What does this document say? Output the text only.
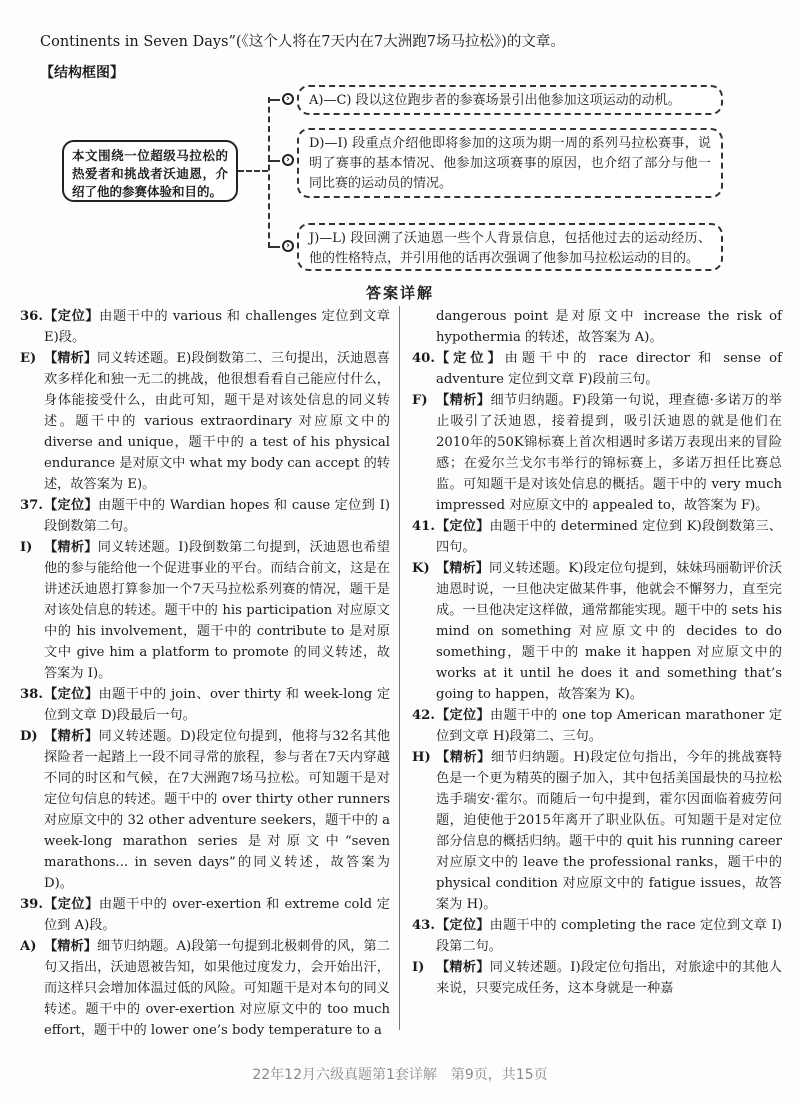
Continents in Seven Days”(《这个人将在7天内在7大洲跑7场马拉松》)的文章。
【结构框图】
›
›
›
本文围绕一位超级马拉松的热爱者和挑战者沃迪恩，介绍了他的参赛体验和目的。
A)—C) 段以这位跑步者的参赛场景引出他参加这项运动的动机。
D)—I) 段重点介绍他即将参加的这项为期一周的系列马拉松赛事，说明了赛事的基本情况、他参加这项赛事的原因，也介绍了部分与他一同比赛的运动员的情况。
J)—L) 段回溯了沃迪恩一些个人背景信息，包括他过去的运动经历、他的性格特点，并引用他的话再次强调了他参加马拉松运动的目的。
答案详解
36. 【定位】由题干中的 various 和 challenges 定位到文章 E)段。
E) 【精析】同义转述题。E)段倒数第二、三句提出，沃迪恩喜欢多样化和独一无二的挑战，他很想看看自己能应付什么，身体能接受什么，由此可知，题干是对该处信息的同义转述。题干中的 various extraordinary 对应原文中的 diverse and unique，题干中的 a test of his physical endurance 是对原文中 what my body can accept 的转述，故答案为 E)。
37. 【定位】由题干中的 Wardian hopes 和 cause 定位到 I)段倒数第二句。
I) 【精析】同义转述题。I)段倒数第二句提到，沃迪恩也希望他的参与能给他一个促进事业的平台。而结合前文，这是在讲述沃迪恩打算参加一个7天马拉松系列赛的情况，题干是对该处信息的转述。题干中的 his participation 对应原文中的 his involvement，题干中的 contribute to 是对原文中 give him a platform to promote 的同义转述，故答案为 I)。
38. 【定位】由题干中的 join、over thirty 和 week-long 定位到文章 D)段最后一句。
D) 【精析】同义转述题。D)段定位句提到，他将与32名其他探险者一起踏上一段不同寻常的旅程，参与者在7天内穿越不同的时区和气候，在7大洲跑7场马拉松。可知题干是对定位句信息的转述。题干中的 over thirty other runners 对应原文中的 32 other adventure seekers，题干中的 a week-long marathon series 是对原文中“seven marathons... in seven days”的同义转述，故答案为 D)。
39. 【定位】由题干中的 over-exertion 和 extreme cold 定位到 A)段。
A) 【精析】细节归纳题。A)段第一句提到北极刺骨的风，第二句又指出，沃迪恩被告知，如果他过度发力，会开始出汗，而这样只会增加体温过低的风险。可知题干是对本句的同义转述。题干中的 over-exertion 对应原文中的 too much effort，题干中的 lower one’s body temperature to a
dangerous point 是对原文中 increase the risk of hypothermia 的转述，故答案为 A)。
40. 【定位】由题干中的 race director 和 sense of adventure 定位到文章 F)段前三句。
F) 【精析】细节归纳题。F)段第一句说，理查德·多诺万的举止吸引了沃迪恩，接着提到，吸引沃迪恩的就是他们在2010年的50K锦标赛上首次相遇时多诺万表现出来的冒险感；在爱尔兰戈尔韦举行的锦标赛上，多诺万担任比赛总监。可知题干是对该处信息的概括。题干中的 very much impressed 对应原文中的 appealed to，故答案为 F)。
41. 【定位】由题干中的 determined 定位到 K)段倒数第三、四句。
K) 【精析】同义转述题。K)段定位句提到，妹妹玛丽勒评价沃迪恩时说，一旦他决定做某件事，他就会不懈努力，直至完成。一旦他决定这样做，通常都能实现。题干中的 sets his mind on something 对应原文中的 decides to do something，题干中的 make it happen 对应原文中的 works at it until he does it and something that’s going to happen，故答案为 K)。
42. 【定位】由题干中的 one top American marathoner 定位到文章 H)段第二、三句。
H) 【精析】细节归纳题。H)段定位句指出，今年的挑战赛特色是一个更为精英的圈子加入，其中包括美国最快的马拉松选手瑞安·霍尔。而随后一句中提到，霍尔因面临着疲劳问题，迫使他于2015年离开了职业队伍。可知题干是对定位部分信息的概括归纳。题干中的 quit his running career 对应原文中的 leave the professional ranks，题干中的 physical condition 对应原文中的 fatigue issues，故答案为 H)。
43. 【定位】由题干中的 completing the race 定位到文章 I)段第二句。
I) 【精析】同义转述题。I)段定位句指出，对旅途中的其他人来说，只要完成任务，这本身就是一种嘉
22年12月六级真题第1套详解　第9页，共15页
